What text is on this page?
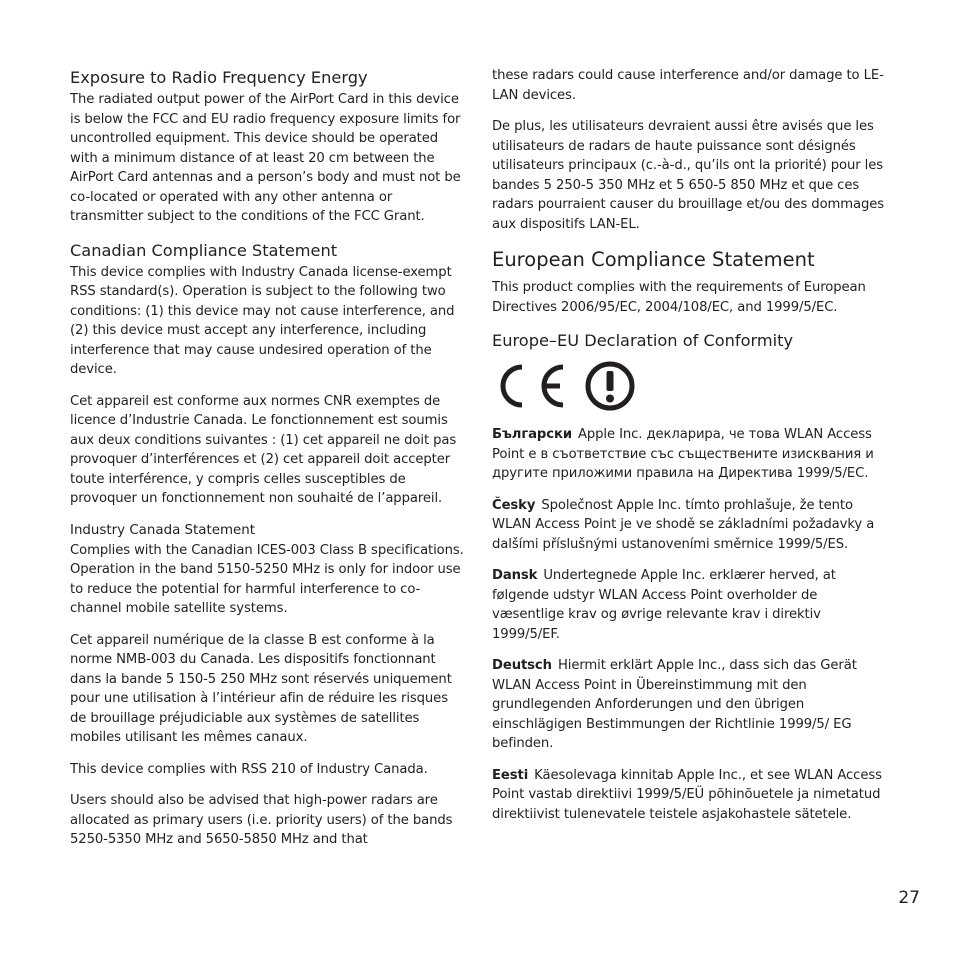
Exposure to Radio Frequency Energy

The radiated output power of the AirPort Card in this device is below the FCC and EU radio frequency exposure limits for uncontrolled equipment. This device should be operated with a minimum distance of at least 20 cm between the AirPort Card antennas and a person’s body and must not be co-located or operated with any other antenna or transmitter subject to the conditions of the FCC Grant.

Canadian Compliance Statement

This device complies with Industry Canada license-exempt RSS standard(s). Operation is subject to the following two conditions: (1) this device may not cause interference, and (2) this device must accept any interference, including interference that may cause undesired operation of the device.

Cet appareil est conforme aux normes CNR exemptes de licence d’Industrie Canada. Le fonctionnement est soumis aux deux conditions suivantes : (1) cet appareil ne doit pas provoquer d’interférences et (2) cet appareil doit accepter toute interférence, y compris celles susceptibles de provoquer un fonctionnement non souhaité de l’appareil.

Industry Canada Statement

Complies with the Canadian ICES-003 Class B specifications. Operation in the band 5150-5250 MHz is only for indoor use to reduce the potential for harmful interference to co-channel mobile satellite systems.

Cet appareil numérique de la classe B est conforme à la norme NMB-003 du Canada. Les dispositifs fonctionnant dans la bande 5 150-5 250 MHz sont réservés uniquement pour une utilisation à l’intérieur afin de réduire les risques de brouillage préjudiciable aux systèmes de satellites mobiles utilisant les mêmes canaux.

This device complies with RSS 210 of Industry Canada.

Users should also be advised that high-power radars are allocated as primary users (i.e. priority users) of the bands 5250-5350 MHz and 5650-5850 MHz and that

these radars could cause interference and/or damage to LE-LAN devices.

De plus, les utilisateurs devraient aussi être avisés que les utilisateurs de radars de haute puissance sont désignés utilisateurs principaux (c.-à-d., qu’ils ont la priorité) pour les bandes 5 250-5 350 MHz et 5 650-5 850 MHz et que ces radars pourraient causer du brouillage et/ou des dommages aux dispositifs LAN-EL.

European Compliance Statement

This product complies with the requirements of European Directives 2006/95/EC, 2004/108/EC, and 1999/5/EC.

Europe–EU Declaration of Conformity

Български Apple Inc. декларира, че това WLAN Access Point е в съответствие със съществените изисквания и другите приложими правила на Директива 1999/5/ЕС.

Česky Společnost Apple Inc. tímto prohlašuje, že tento WLAN Access Point je ve shodě se základními požadavky a dalšími příslušnými ustanoveními směrnice 1999/5/ES.

Dansk Undertegnede Apple Inc. erklærer herved, at følgende udstyr WLAN Access Point overholder de væsentlige krav og øvrige relevante krav i direktiv 1999/5/EF.

Deutsch Hiermit erklärt Apple Inc., dass sich das Gerät WLAN Access Point in Übereinstimmung mit den grundlegenden Anforderungen und den übrigen einschlägigen Bestimmungen der Richtlinie 1999/5/ EG befinden.

Eesti Käesolevaga kinnitab Apple Inc., et see WLAN Access Point vastab direktiivi 1999/5/EÜ põhinõuetele ja nimetatud direktiivist tulenevatele teistele asjakohastele sätetele.

27
